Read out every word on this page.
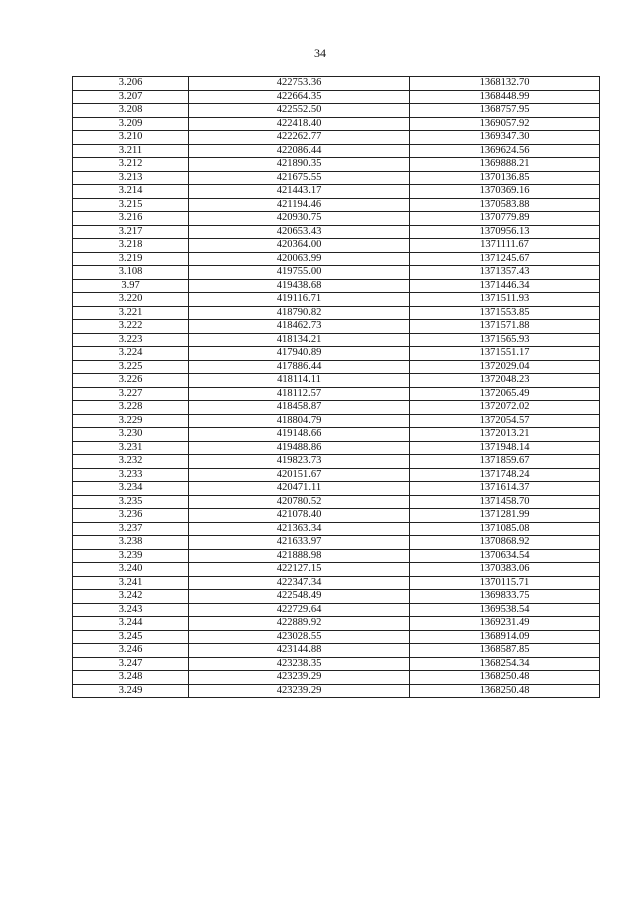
34
3.206	422753.36	1368132.70
3.207	422664.35	1368448.99
3.208	422552.50	1368757.95
3.209	422418.40	1369057.92
3.210	422262.77	1369347.30
3.211	422086.44	1369624.56
3.212	421890.35	1369888.21
3.213	421675.55	1370136.85
3.214	421443.17	1370369.16
3.215	421194.46	1370583.88
3.216	420930.75	1370779.89
3.217	420653.43	1370956.13
3.218	420364.00	1371111.67
3.219	420063.99	1371245.67
3.108	419755.00	1371357.43
3.97	419438.68	1371446.34
3.220	419116.71	1371511.93
3.221	418790.82	1371553.85
3.222	418462.73	1371571.88
3.223	418134.21	1371565.93
3.224	417940.89	1371551.17
3.225	417886.44	1372029.04
3.226	418114.11	1372048.23
3.227	418112.57	1372065.49
3.228	418458.87	1372072.02
3.229	418804.79	1372054.57
3.230	419148.66	1372013.21
3.231	419488.86	1371948.14
3.232	419823.73	1371859.67
3.233	420151.67	1371748.24
3.234	420471.11	1371614.37
3.235	420780.52	1371458.70
3.236	421078.40	1371281.99
3.237	421363.34	1371085.08
3.238	421633.97	1370868.92
3.239	421888.98	1370634.54
3.240	422127.15	1370383.06
3.241	422347.34	1370115.71
3.242	422548.49	1369833.75
3.243	422729.64	1369538.54
3.244	422889.92	1369231.49
3.245	423028.55	1368914.09
3.246	423144.88	1368587.85
3.247	423238.35	1368254.34
3.248	423239.29	1368250.48
3.249	423239.29	1368250.48
